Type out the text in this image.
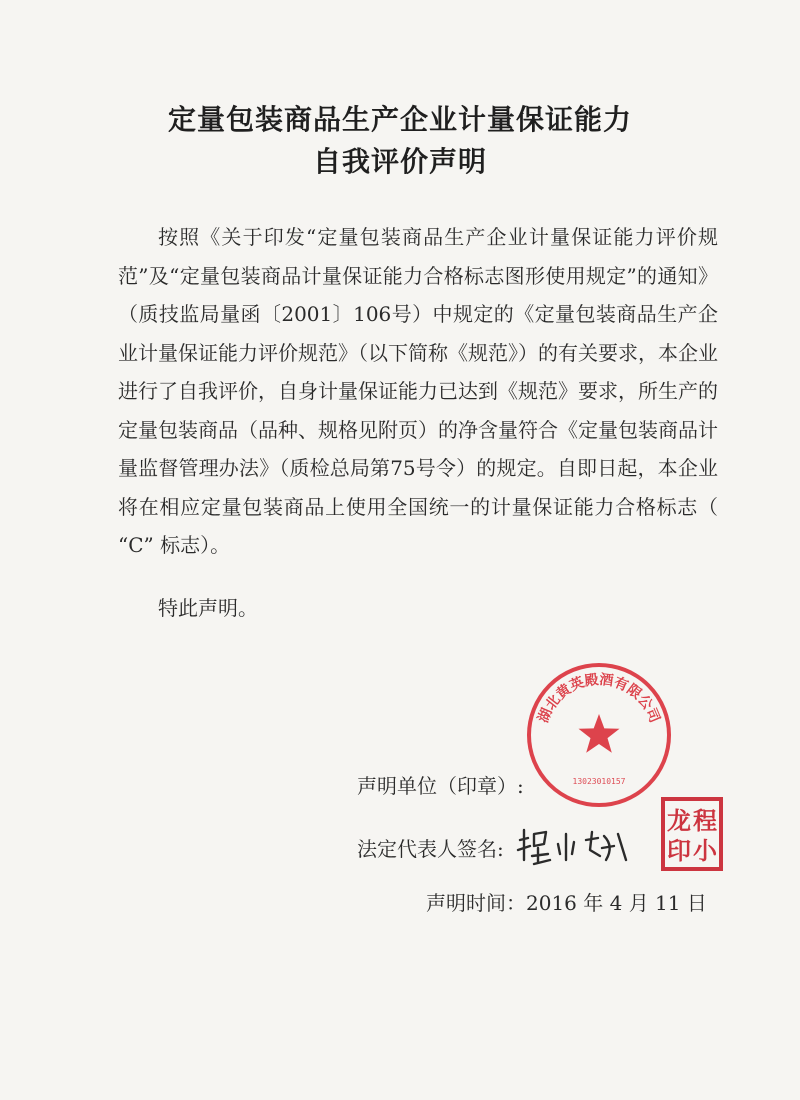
定量包装商品生产企业计量保证能力
自我评价声明

按照《关于印发“定量包装商品生产企业计量保证能力评价规范”及“定量包装商品计量保证能力合格标志图形使用规定”的通知》（质技监局量函〔2001〕106号）中规定的《定量包装商品生产企业计量保证能力评价规范》（以下简称《规范》）的有关要求，本企业进行了自我评价，自身计量保证能力已达到《规范》要求，所生产的定量包装商品（品种、规格见附页）的净含量符合《定量包装商品计量监督管理办法》（质检总局第75号令）的规定。自即日起，本企业将在相应定量包装商品上使用全国统一的计量保证能力合格标志（ “C” 标志）。

特此声明。
声明单位（印章）:
法定代表人签名:
声明时间：2016 年 4 月 11 日
湖北黄英殿酒有限公司
13023010157
程
小
龙
印
